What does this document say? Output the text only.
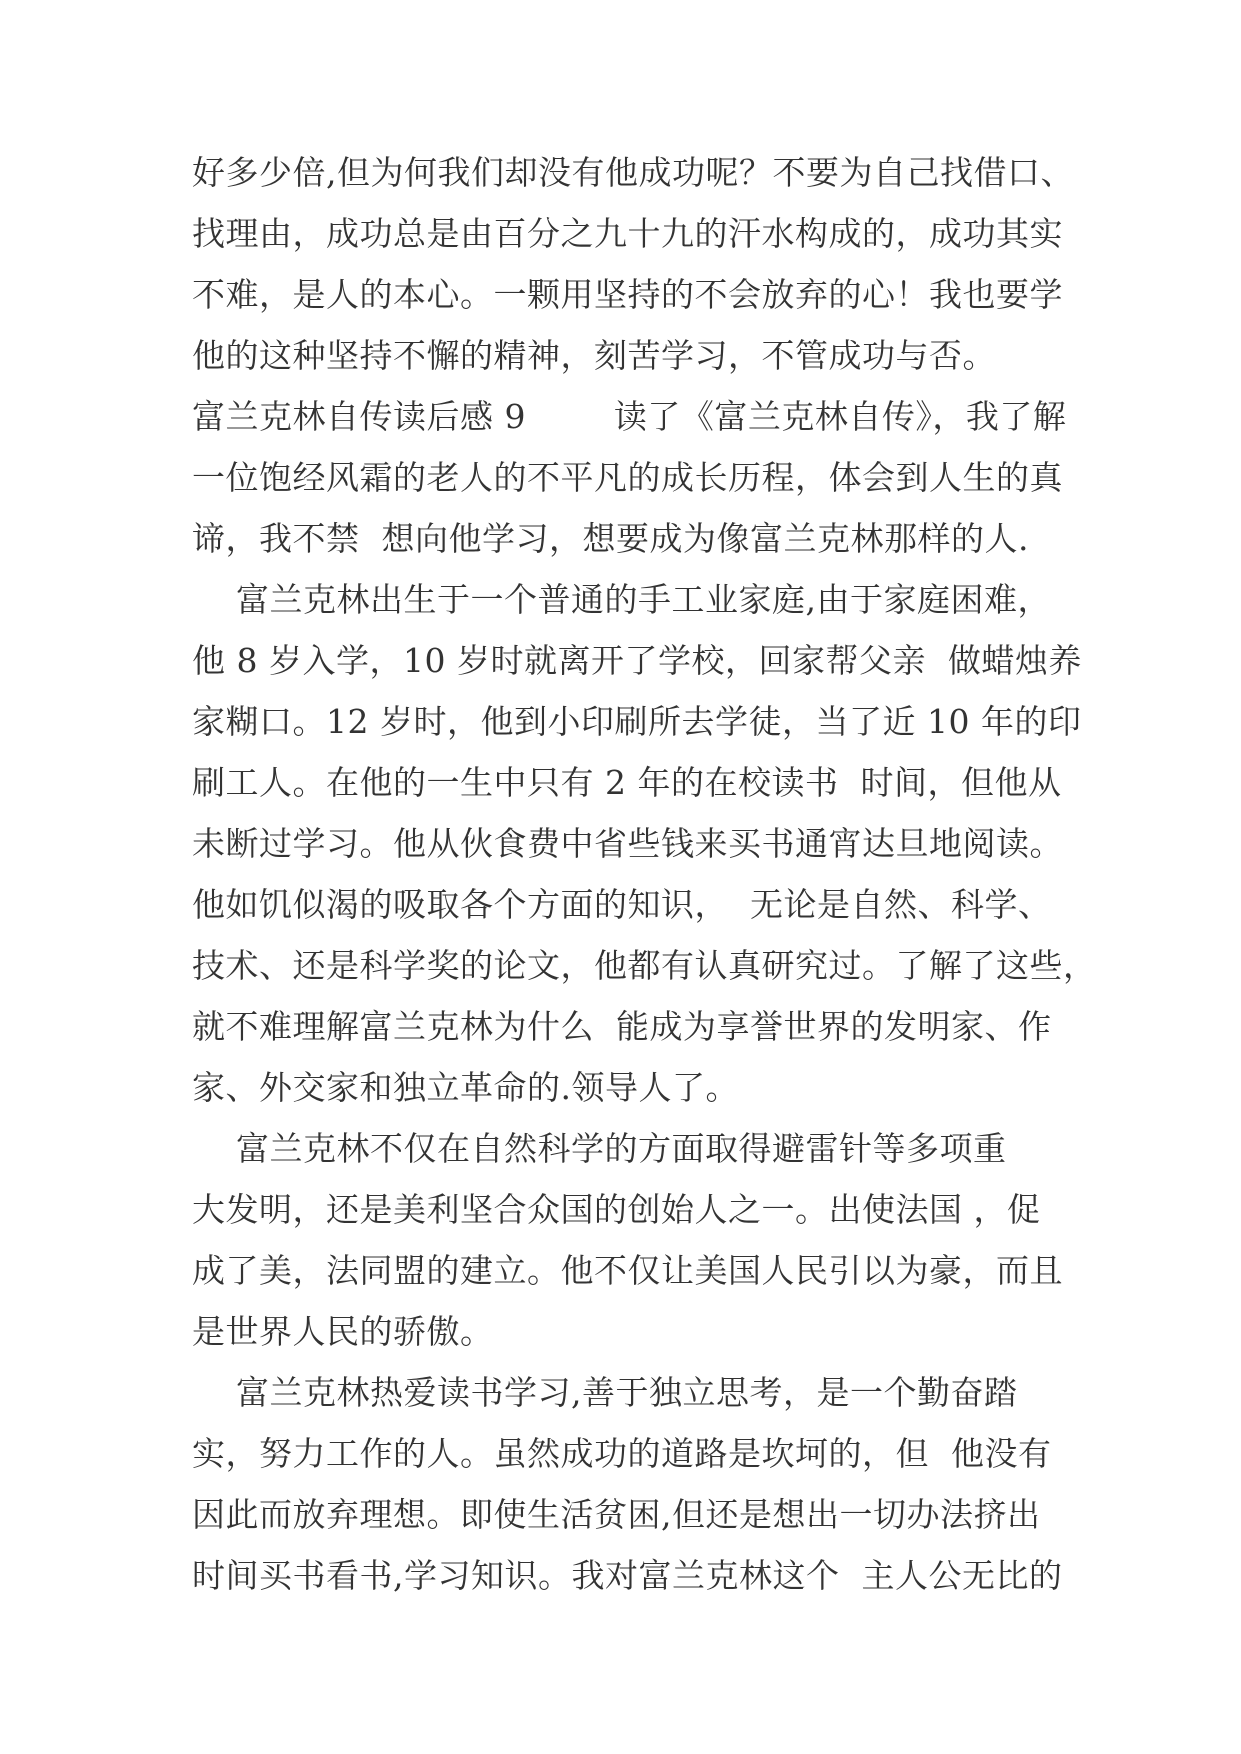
好多少倍,但为何我们却没有他成功呢？不要为自己找借口、
找理由，成功总是由百分之九十九的汗水构成的，成功其实
不难，是人的本心。一颗用坚持的不会放弃的心！我也要学
他的这种坚持不懈的精神，刻苦学习，不管成功与否。
富兰克林自传读后感 9        读了《富兰克林自传》，我了解
一位饱经风霜的老人的不平凡的成长历程，体会到人生的真
谛，我不禁  想向他学习，想要成为像富兰克林那样的人.
富兰克林出生于一个普通的手工业家庭,由于家庭困难，
他 8 岁入学，10 岁时就离开了学校，回家帮父亲  做蜡烛养
家糊口。12 岁时，他到小印刷所去学徒，当了近 10 年的印
刷工人。在他的一生中只有 2 年的在校读书  时间，但他从
未断过学习。他从伙食费中省些钱来买书通宵达旦地阅读。
他如饥似渴的吸取各个方面的知识，  无论是自然、科学、
技术、还是科学奖的论文，他都有认真研究过。了解了这些，
就不难理解富兰克林为什么  能成为享誉世界的发明家、作
家、外交家和独立革命的.领导人了。
富兰克林不仅在自然科学的方面取得避雷针等多项重
大发明，还是美利坚合众国的创始人之一。出使法国 ，促
成了美，法同盟的建立。他不仅让美国人民引以为豪，而且
是世界人民的骄傲。
富兰克林热爱读书学习,善于独立思考，是一个勤奋踏
实，努力工作的人。虽然成功的道路是坎坷的，但  他没有
因此而放弃理想。即使生活贫困,但还是想出一切办法挤出
时间买书看书,学习知识。我对富兰克林这个  主人公无比的
